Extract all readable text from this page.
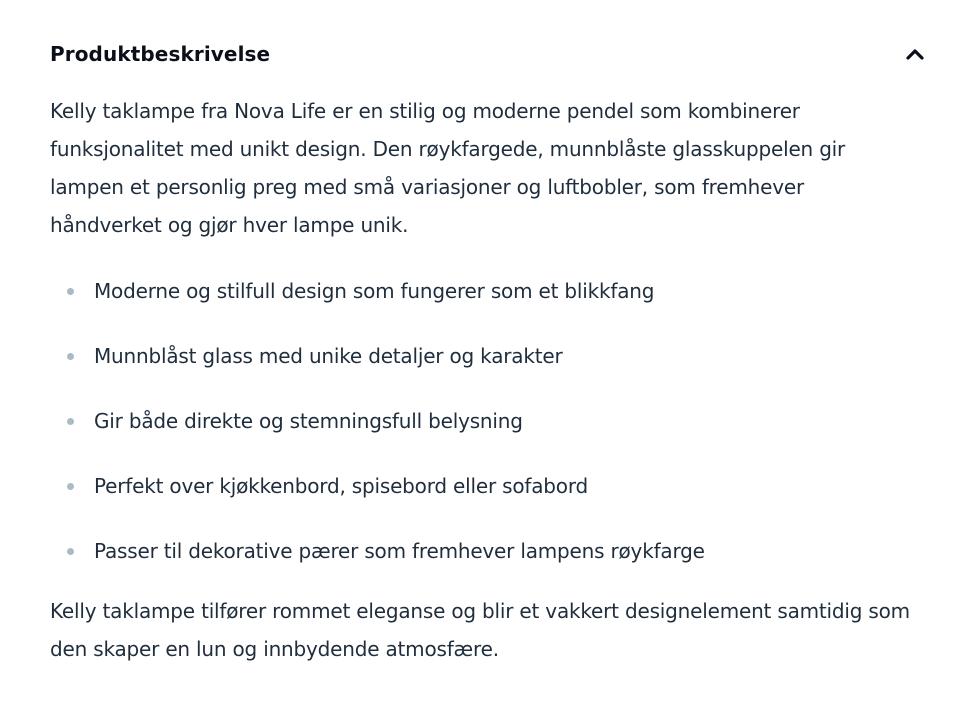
Produktbeskrivelse

Kelly taklampe fra Nova Life er en stilig og moderne pendel som kombinerer funksjonalitet med unikt design. Den røykfargede, munnblåste glasskuppelen gir lampen et personlig preg med små variasjoner og luftbobler, som fremhever håndverket og gjør hver lampe unik.

Moderne og stilfull design som fungerer som et blikkfang
Munnblåst glass med unike detaljer og karakter
Gir både direkte og stemningsfull belysning
Perfekt over kjøkkenbord, spisebord eller sofabord
Passer til dekorative pærer som fremhever lampens røykfarge

Kelly taklampe tilfører rommet eleganse og blir et vakkert designelement samtidig som den skaper en lun og innbydende atmosfære.
